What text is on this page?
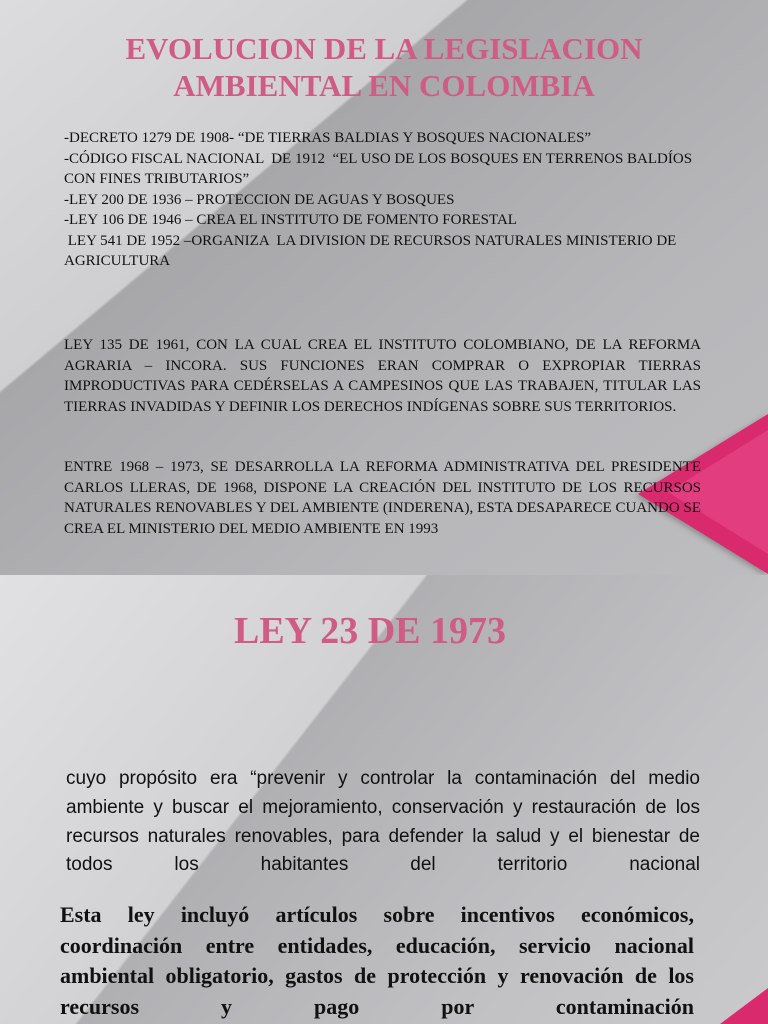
EVOLUCION DE LA LEGISLACION AMBIENTAL EN COLOMBIA
-DECRETO 1279 DE 1908- “DE TIERRAS BALDIAS Y BOSQUES NACIONALES”
-CÓDIGO FISCAL NACIONAL  DE 1912  “EL USO DE LOS BOSQUES EN TERRENOS BALDÍOS CON FINES TRIBUTARIOS”
-LEY 200 DE 1936 – PROTECCION DE AGUAS Y BOSQUES
-LEY 106 DE 1946 – CREA EL INSTITUTO DE FOMENTO FORESTAL
LEY 541 DE 1952 –ORGANIZA  LA DIVISION DE RECURSOS NATURALES MINISTERIO DE AGRICULTURA

LEY 135 DE 1961, CON LA CUAL CREA EL INSTITUTO COLOMBIANO, DE LA REFORMA AGRARIA – INCORA. SUS FUNCIONES ERAN COMPRAR O EXPROPIAR TIERRAS IMPRODUCTIVAS PARA CEDÉRSELAS A CAMPESINOS QUE LAS TRABAJEN, TITULAR LAS TIERRAS INVADIDAS Y DEFINIR LOS DERECHOS INDÍGENAS SOBRE SUS TERRITORIOS.

ENTRE 1968 – 1973, SE DESARROLLA LA REFORMA ADMINISTRATIVA DEL PRESIDENTE CARLOS LLERAS, DE 1968, DISPONE LA CREACIÓN DEL INSTITUTO DE LOS RECURSOS NATURALES RENOVABLES Y DEL AMBIENTE (INDERENA), ESTA DESAPARECE CUANDO SE CREA EL MINISTERIO DEL MEDIO AMBIENTE EN 1993

LEY 23 DE 1973

cuyo propósito era “prevenir y controlar la contaminación del medio ambiente y buscar el mejoramiento, conservación y restauración de los recursos naturales renovables, para defender la salud y el bienestar de todos los habitantes del territorio nacional

Esta ley incluyó artículos sobre incentivos económicos, coordinación entre entidades, educación, servicio nacional ambiental obligatorio, gastos de protección y renovación de los recursos y pago por contaminación
